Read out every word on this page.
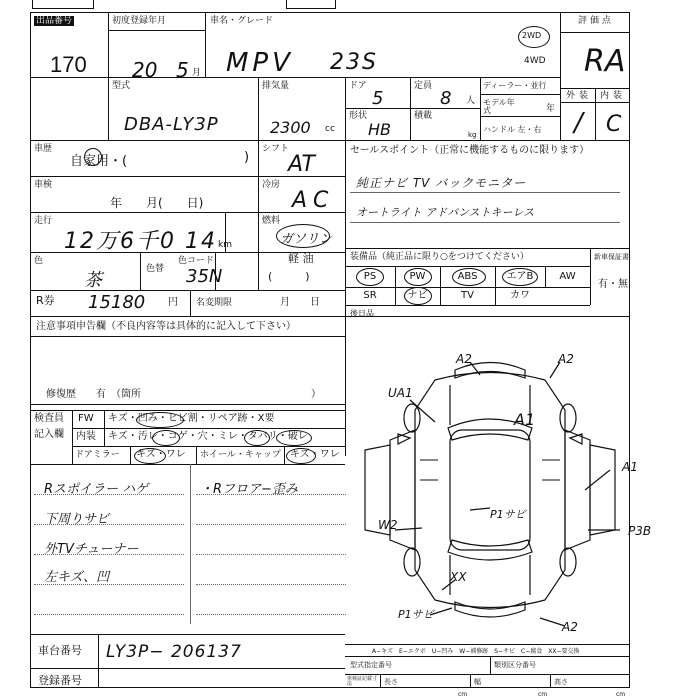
出品番号
170
初度登録年月
20 5 月
車名・グレード
MPV 23S
評価点
2WD
4WD RA
外装 内装
/ C
型式
DBA-LY3P
排気量
2300 cc
ドア
5
定員
8 人
形状
HB
積載
kg
ディーラー・並行
モデル年式	年
ハンドル 左・右
車歴
自家用・(	)
シフト
AT
車検
年　　月(　　日)
冷房
AC
走行
12万6千0 14 km
燃料
ガソリン
軽 油
(　　　)
色
茶
色替
色コード
35N
R券 15180 円 名変期限	月　　日
セールスポイント（正常に機能するものに限ります）
純正ナビ TV バックモニター
オートライト アドバンストキーレス
装備品（純正品に限り○をつけてください）	新車保証書
有・無
PS	PW	ABS	エアB	AW
SR	ナビ	TV	カワ
後日品
注意事項申告欄（不良内容等は具体的に記入して下さい）
修復歴　　有　（箇所　　　　　　　　　　　　　　　　　）
検査員
記入欄
FW キズ・凹み・ヒビ割・リペア跡・X要
内装 キズ・汚レ・コゲ・穴・ミレ・タバリ・破レ
ドアミラー キズ・ワレ ホイール・キャップ キズ・ワレ
Rスポイラー ハゲ
下周りサビ
外TVチューナー
左キズ、凹
・Rフロア−歪み
UA1
A2	A2
A1
A1
W2
P1サビ
P3B
XX
P1サビ
A2
A−キズ　E−エクボ　U−凹み　W−補修跡　S−サビ　C−腐食　XX−要交換
車台番号 LY3P− 206137
登録番号
型式指定番号	類別区分番号
車検証記載寸法	長さ
cm
幅
cm
高さ
cm
